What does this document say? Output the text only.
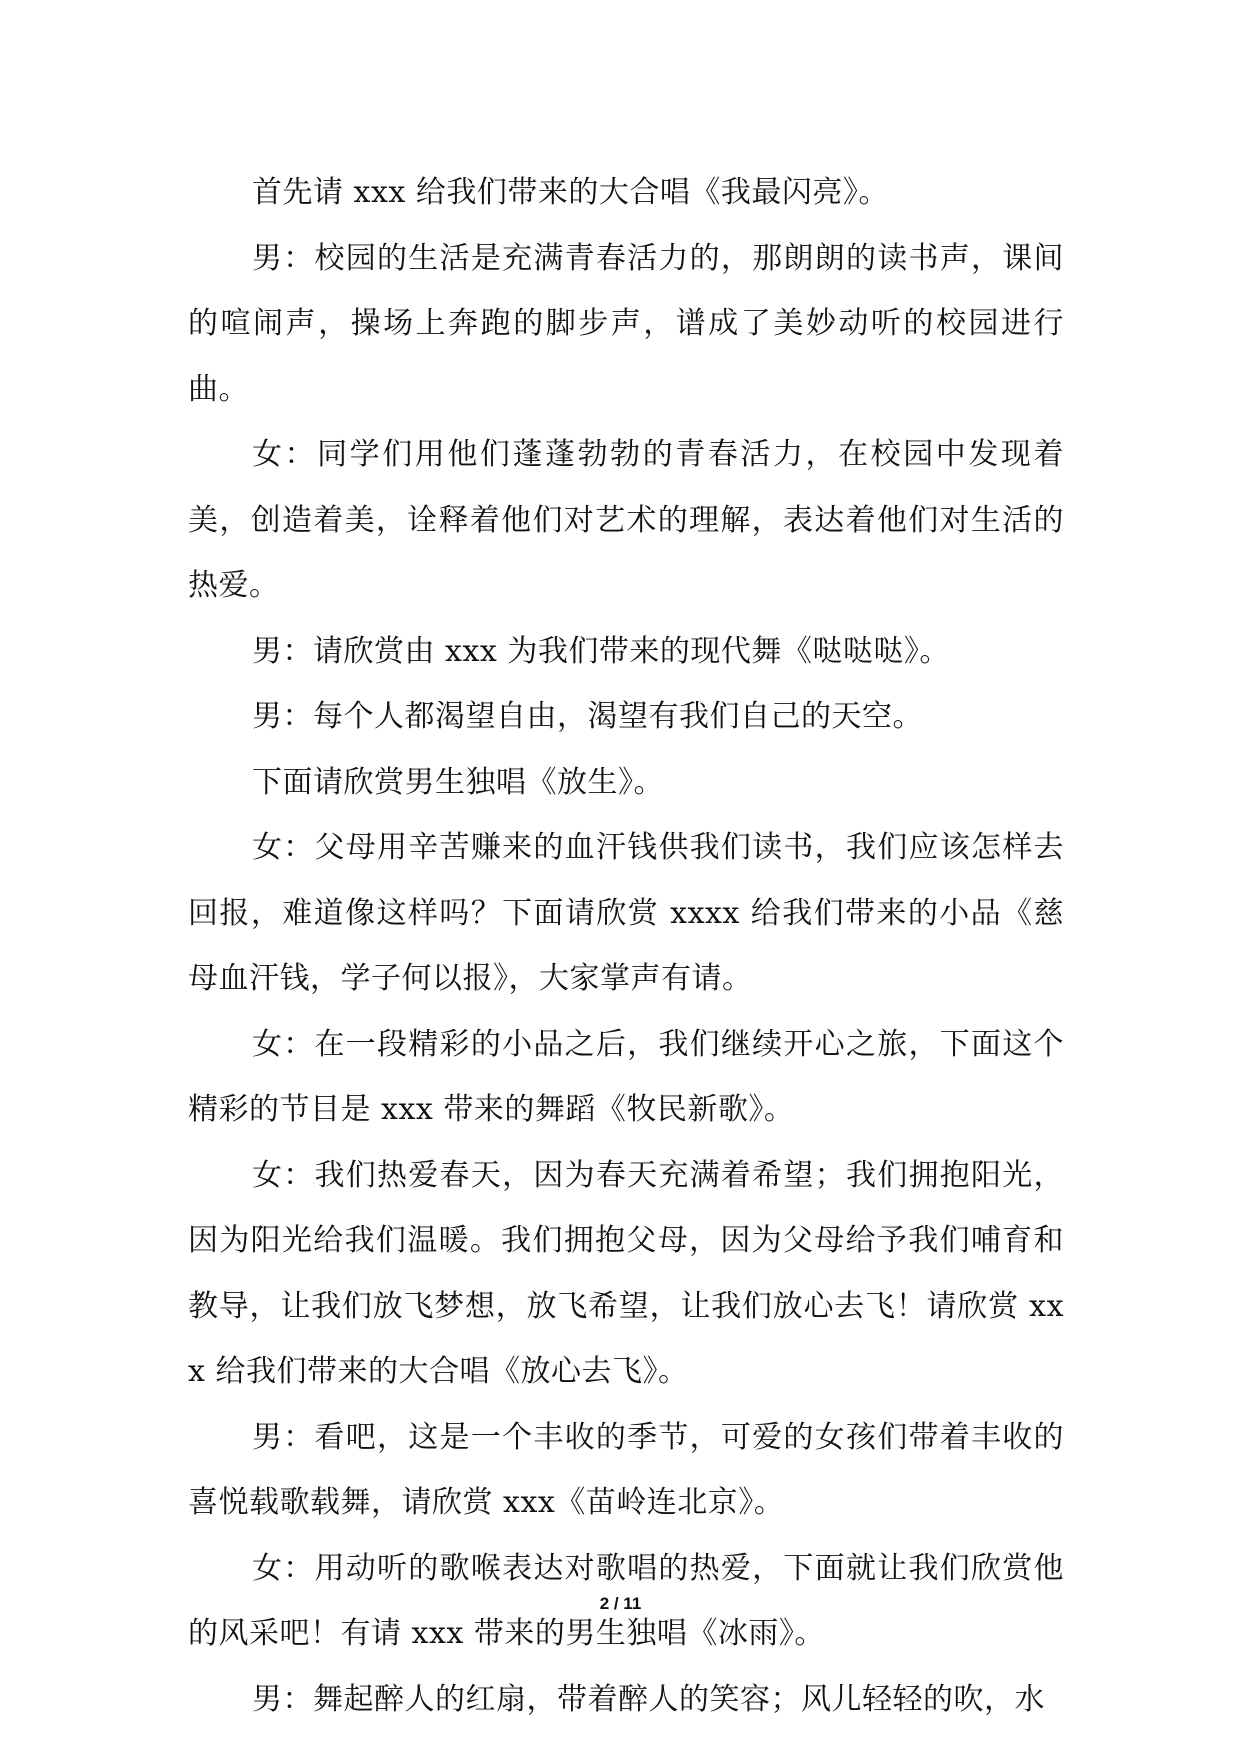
首先请 xxx 给我们带来的大合唱《我最闪亮》。

男：校园的生活是充满青春活力的，那朗朗的读书声，课间的喧闹声，操场上奔跑的脚步声，谱成了美妙动听的校园进行曲。

女：同学们用他们蓬蓬勃勃的青春活力，在校园中发现着美，创造着美，诠释着他们对艺术的理解，表达着他们对生活的热爱。

男：请欣赏由 xxx 为我们带来的现代舞《哒哒哒》。

男：每个人都渴望自由，渴望有我们自己的天空。

下面请欣赏男生独唱《放生》。

女：父母用辛苦赚来的血汗钱供我们读书，我们应该怎样去回报，难道像这样吗？下面请欣赏 xxxx 给我们带来的小品《慈母血汗钱，学子何以报》，大家掌声有请。

女：在一段精彩的小品之后，我们继续开心之旅，下面这个精彩的节目是 xxx 带来的舞蹈《牧民新歌》。

女：我们热爱春天，因为春天充满着希望；我们拥抱阳光，因为阳光给我们温暖。我们拥抱父母，因为父母给予我们哺育和教导，让我们放飞梦想，放飞希望，让我们放心去飞！请欣赏 xxx 给我们带来的大合唱《放心去飞》。

男：看吧，这是一个丰收的季节，可爱的女孩们带着丰收的喜悦载歌载舞，请欣赏 xxx《苗岭连北京》。

女：用动听的歌喉表达对歌唱的热爱，下面就让我们欣赏他的风采吧！有请 xxx 带来的男生独唱《冰雨》。

男：舞起醉人的红扇，带着醉人的笑容；风儿轻轻的吹，水

2 / 11
